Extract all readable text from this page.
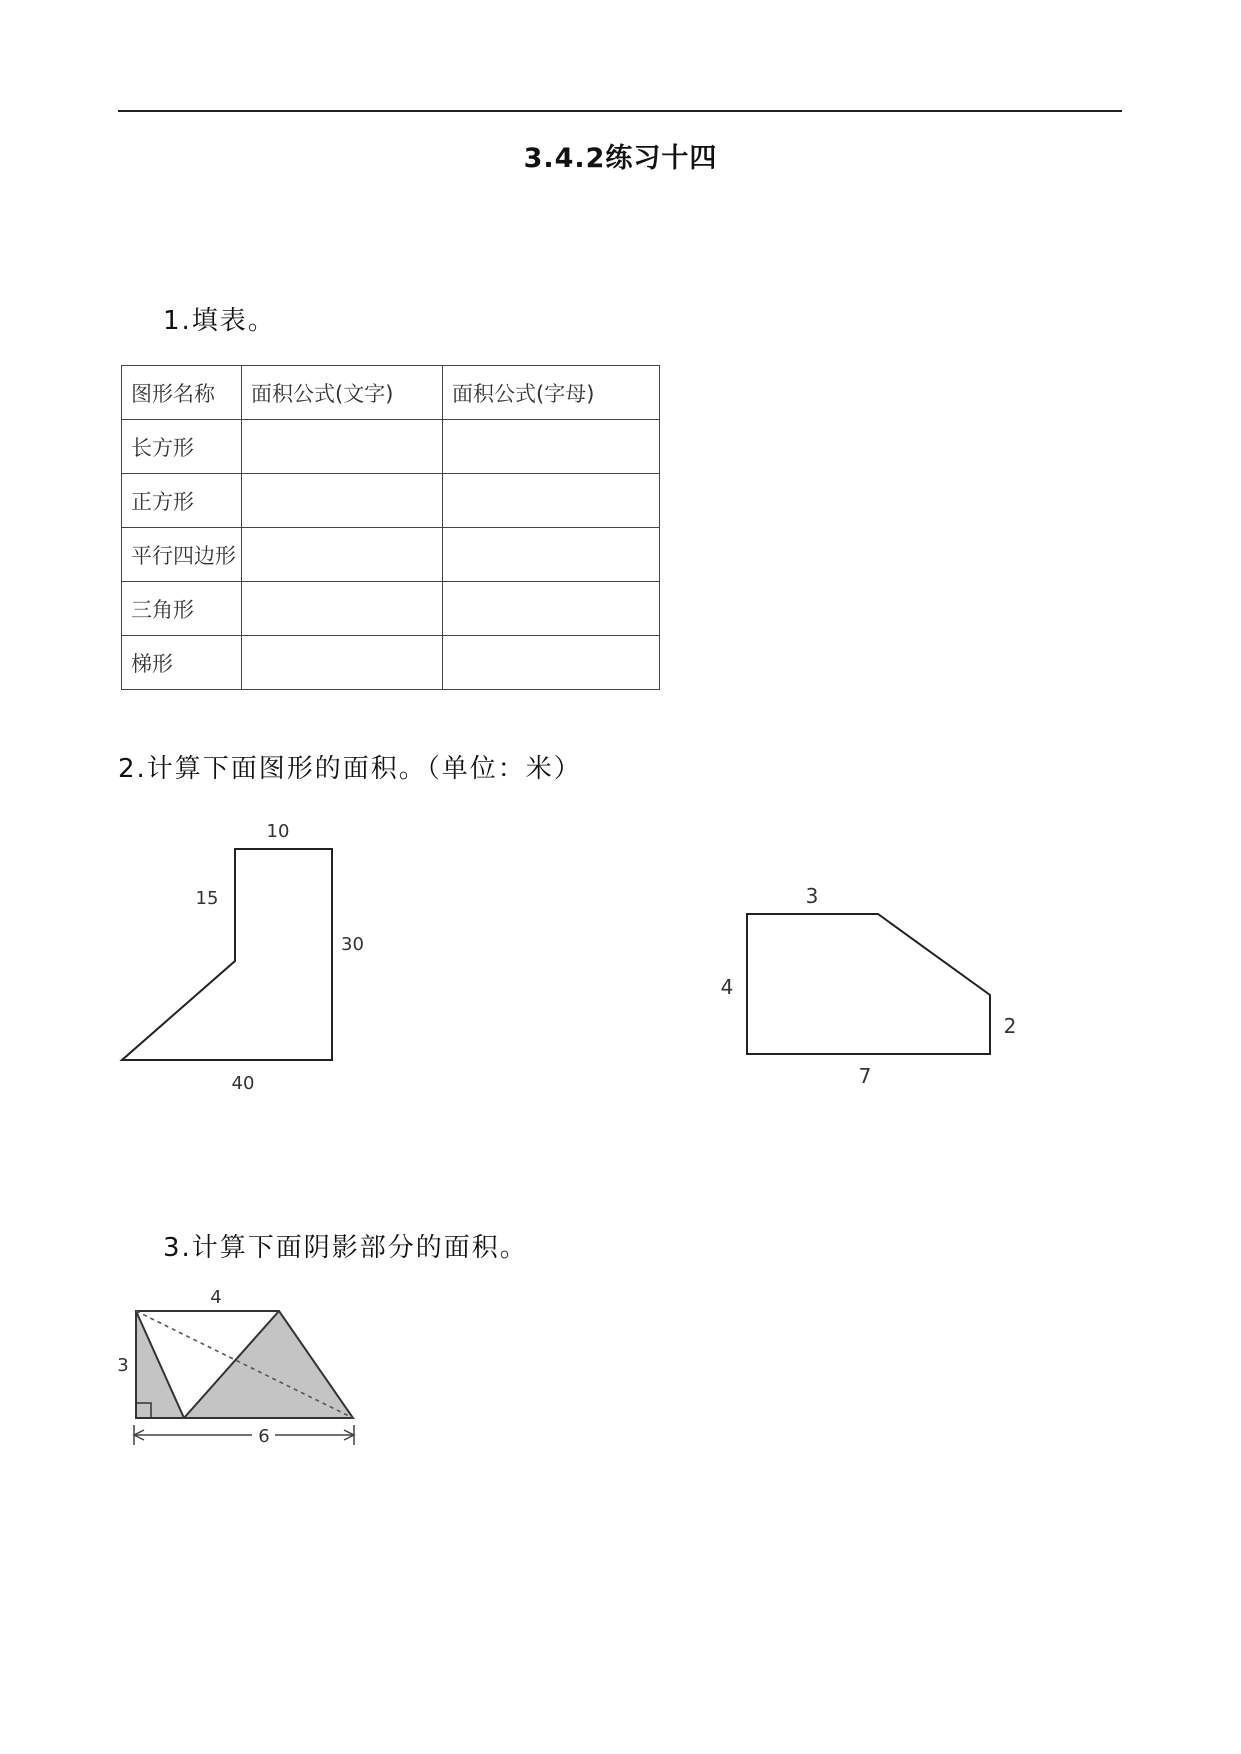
3.4.2练习十四
1.填表。
图形名称	面积公式(文字)	面积公式(字母)
长方形		
正方形		
平行四边形		
三角形		
梯形		
2.计算下面图形的面积。（单位：米）
10
15
30
40
3
4
2
7
4
3
6
3.计算下面阴影部分的面积。
